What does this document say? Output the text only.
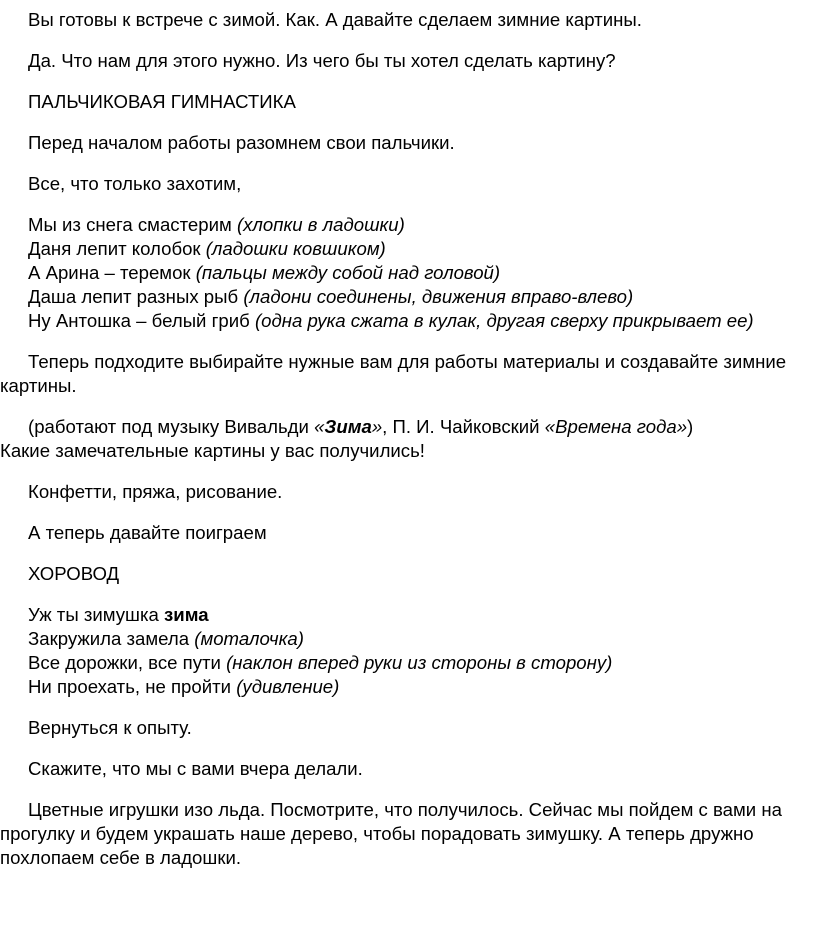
Вы готовы к встрече с зимой. Как. А давайте сделаем зимние картины.

Да. Что нам для этого нужно. Из чего бы ты хотел сделать картину?

ПАЛЬЧИКОВАЯ ГИМНАСТИКА

Перед началом работы разомнем свои пальчики.

Все, что только захотим,

Мы из снега смастерим (хлопки в ладошки)

Даня лепит колобок (ладошки ковшиком)

А Арина – теремок (пальцы между собой над головой)

Даша лепит разных рыб (ладони соединены, движения вправо-влево)

Ну Антошка – белый гриб (одна рука сжата в кулак, другая сверху прикрывает ее)

Теперь подходите выбирайте нужные вам для работы материалы и создавайте зимние картины.

(работают под музыку Вивальди «Зима», П. И. Чайковский «Времена года»)

Какие замечательные картины у вас получились!

Конфетти, пряжа, рисование.

А теперь давайте поиграем

ХОРОВОД

Уж ты зимушка зима

Закружила замела (моталочка)

Все дорожки, все пути (наклон вперед руки из стороны в сторону)

Ни проехать, не пройти (удивление)

Вернуться к опыту.

Скажите, что мы с вами вчера делали.

Цветные игрушки изо льда. Посмотрите, что получилось. Сейчас мы пойдем с вами на прогулку и будем украшать наше дерево, чтобы порадовать зимушку. А теперь дружно похлопаем себе в ладошки.
